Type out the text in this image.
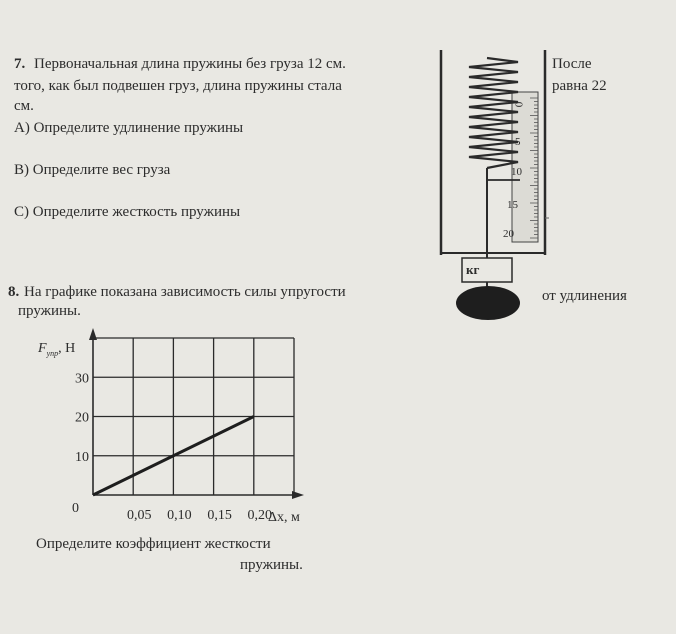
7. Первоначальная длина пружины без груза 12 см.	После
того, как был подвешен груз, длина пружины стала	равна 22
см.
A) Определите удлинение пружины
B) Определите вес груза
C) Определите жесткость пружины
0
5
10
15
20
кг
8. На графике показана зависимость силы упругости	от удлинения
пружины.
0,05 0,10 0,15 0,20
10
20
30
$F_{упр}$, Н
Δx, м
0
Определите коэффициент жесткости
пружины.
